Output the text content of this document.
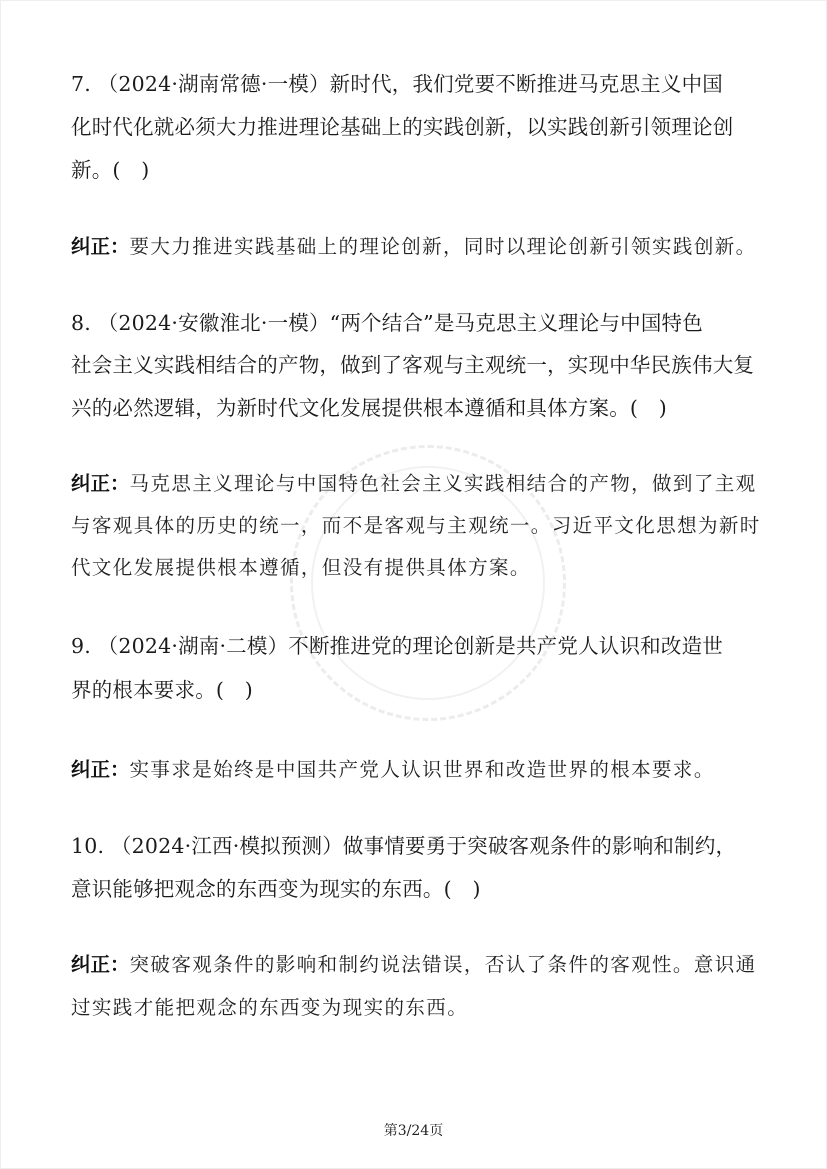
7. （2024·湖南常德·一模）新时代，我们党要不断推进马克思主义中国
化时代化就必须大力推进理论基础上的实践创新，以实践创新引领理论创
新。(　)
纠正：要大力推进实践基础上的理论创新，同时以理论创新引领实践创新。
8. （2024·安徽淮北·一模）“两个结合”是马克思主义理论与中国特色
社会主义实践相结合的产物，做到了客观与主观统一，实现中华民族伟大复
兴的必然逻辑，为新时代文化发展提供根本遵循和具体方案。(　)
纠正：马克思主义理论与中国特色社会主义实践相结合的产物，做到了主观
与客观具体的历史的统一，而不是客观与主观统一。习近平文化思想为新时
代文化发展提供根本遵循，但没有提供具体方案。
9. （2024·湖南·二模）不断推进党的理论创新是共产党人认识和改造世
界的根本要求。(　)
纠正：实事求是始终是中国共产党人认识世界和改造世界的根本要求。
10. （2024·江西·模拟预测）做事情要勇于突破客观条件的影响和制约，
意识能够把观念的东西变为现实的东西。(　)
纠正：突破客观条件的影响和制约说法错误，否认了条件的客观性。意识通
过实践才能把观念的东西变为现实的东西。
第3/24页
